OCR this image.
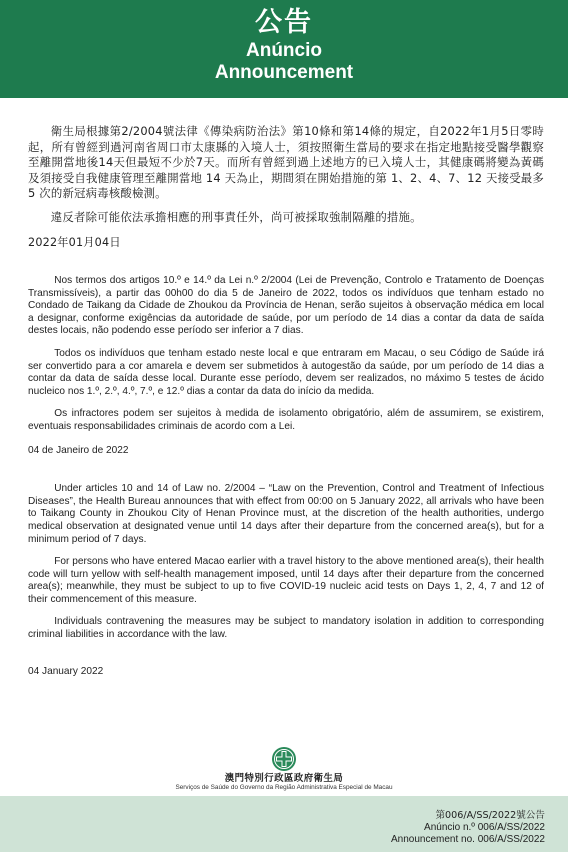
公告
Anúncio
Announcement

衛生局根據第2/2004號法律《傳染病防治法》第10條和第14條的規定，自2022年1月5日零時起，所有曾經到過河南省周口市太康縣的入境人士，須按照衛生當局的要求在指定地點接受醫學觀察至離開當地後14天但最短不少於7天。而所有曾經到過上述地方的已入境人士，其健康碼將變為黃碼及須接受自我健康管理至離開當地 14 天為止，期間須在開始措施的第 1、2、4、7、12 天接受最多 5 次的新冠病毒核酸檢測。

違反者除可能依法承擔相應的刑事責任外，尚可被採取強制隔離的措施。

2022年01月04日

Nos termos dos artigos 10.º e 14.º da Lei n.º 2/2004 (Lei de Prevenção, Controlo e Tratamento de Doenças Transmissíveis), a partir das 00h00 do dia 5 de Janeiro de 2022, todos os indivíduos que tenham estado no Condado de Taikang da Cidade de Zhoukou da Província de Henan, serão sujeitos à observação médica em local a designar, conforme exigências da autoridade de saúde, por um período de 14 dias a contar da data de saída destes locais, não podendo esse período ser inferior a 7 dias.

Todos os indivíduos que tenham estado neste local e que entraram em Macau, o seu Código de Saúde irá ser convertido para a cor amarela e devem ser submetidos à autogestão da saúde, por um período de 14 dias a contar da data de saída desse local. Durante esse período, devem ser realizados, no máximo 5 testes de ácido nucleico nos 1.º, 2.º, 4.º, 7.º, e 12.º dias a contar da data do início da medida.

Os infractores podem ser sujeitos à medida de isolamento obrigatório, além de assumirem, se existirem, eventuais responsabilidades criminais de acordo com a Lei.

04 de Janeiro de 2022

Under articles 10 and 14 of Law no. 2/2004 – “Law on the Prevention, Control and Treatment of Infectious Diseases”, the Health Bureau announces that with effect from 00:00 on 5 January 2022, all arrivals who have been to Taikang County in Zhoukou City of Henan Province must, at the discretion of the health authorities, undergo medical observation at designated venue until 14 days after their departure from the concerned area(s), but for a minimum period of 7 days.

For persons who have entered Macao earlier with a travel history to the above mentioned area(s), their health code will turn yellow with self-health management imposed, until 14 days after their departure from the concerned area(s); meanwhile, they must be subject to up to five COVID-19 nucleic acid tests on Days 1, 2, 4, 7 and 12 of their commencement of this measure.

Individuals contravening the measures may be subject to mandatory isolation in addition to corresponding criminal liabilities in accordance with the law.

04 January 2022

澳門特別行政區政府衛生局
Serviços de Saúde do Governo da Região Administrativa Especial de Macau
第006/A/SS/2022號公告
Anúncio n.º 006/A/SS/2022
Announcement no. 006/A/SS/2022
